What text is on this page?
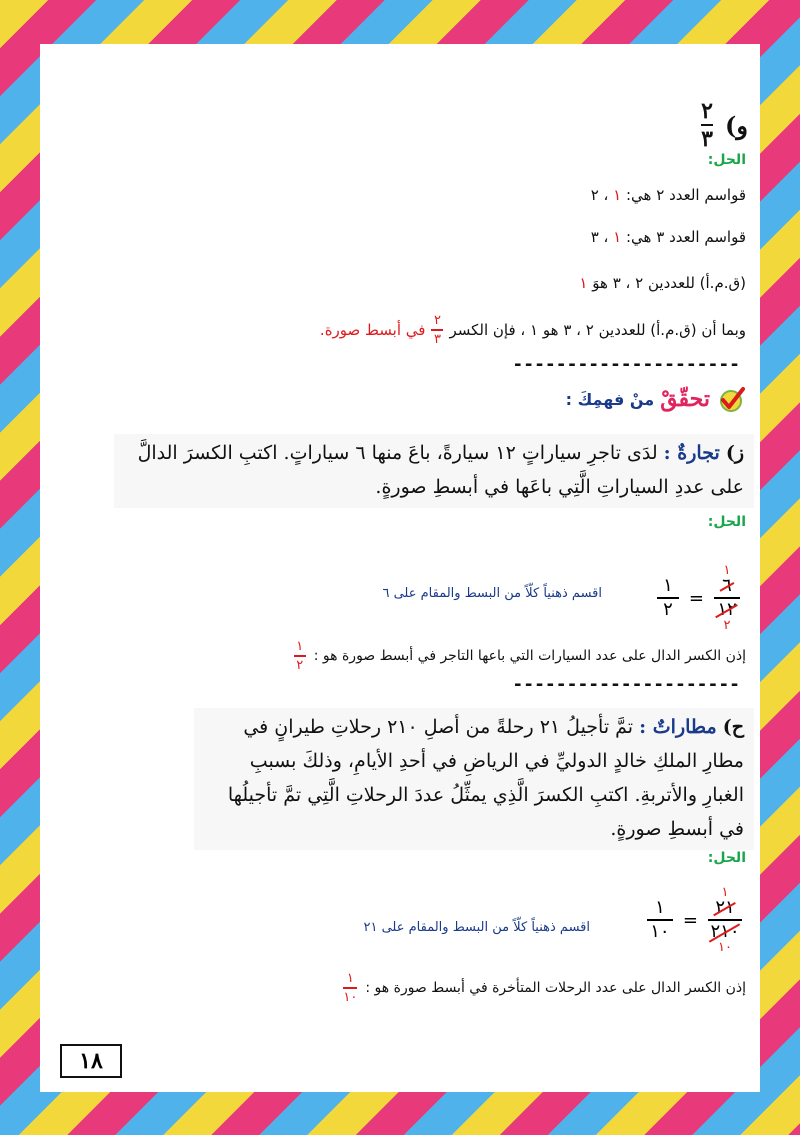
و)
$\frac{٢}{٣}$
الحل:
قواسم العدد ٢ هي: ١ ، ٢
قواسم العدد ٣ هي: ١ ، ٣
(ق.م.أ) للعددين ٢ ، ٣ هوَ ١
وبما أن (ق.م.أ) للعددين ٢ ، ٣ هو ١ ، فإن الكسر
$\frac{٢}{٣}$
في أبسط صورة.
---------------------
تحقّقْ
منْ فهمِكَ :
ز) تجارةٌ : لدَى تاجرِ سياراتٍ ١٢ سيارةً، باعَ منها ٦ سياراتٍ. اكتبِ الكسرَ الدالَّ على عددِ السياراتِ الَّتِي باعَها في أبسطِ صورةٍ.
الحل:
$\frac{١}{٢}$ =
١
٦
١٢
٢
اقسم ذهنياً كلّاً من البسط والمقام على ٦
إذن الكسر الدال على عدد السيارات التي باعها التاجر في أبسط صورة هو :
$\frac{١}{٢}$
---------------------
ح) مطاراتٌ : تمَّ تأجيلُ ٢١ رحلةً من أصلِ ٢١٠ رحلاتِ طيرانٍ في مطارِ الملكِ خالدٍ الدوليِّ في الرياضِ في أحدِ الأيامِ، وذلكَ بسببِ الغبارِ والأتربةِ. اكتبِ الكسرَ الَّذِي يمثِّلُ عددَ الرحلاتِ الَّتِي تمَّ تأجيلُها في أبسطِ صورةٍ.
الحل:
$\frac{١}{١٠}$ =
١
٢١
٢١٠
١٠
اقسم ذهنياً كلّاً من البسط والمقام على ٢١
إذن الكسر الدال على عدد الرحلات المتأخرة في أبسط صورة هو :
$\frac{١}{١٠}$
١٨
